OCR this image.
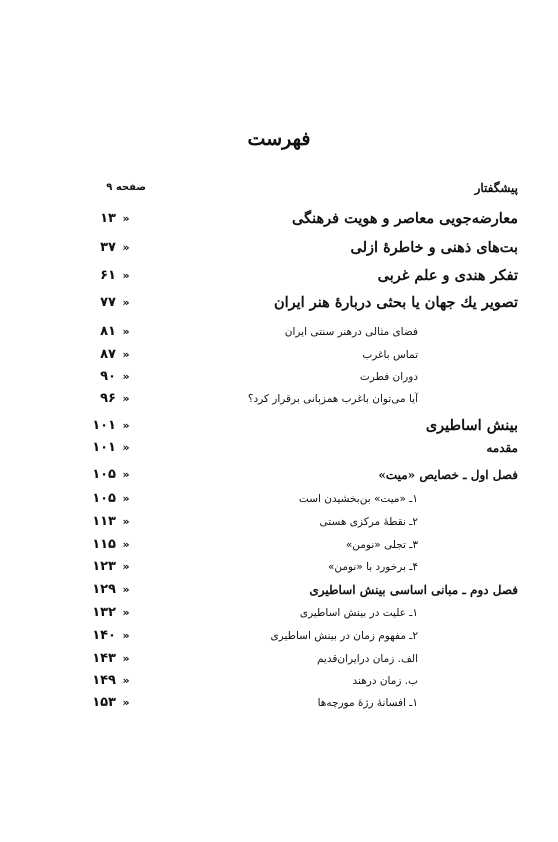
فهرست
پیشگفتار
صفحه ۹
معارضه‌جویی معاصر و هویت فرهنگی
»
۱۳
بت‌های ذهنی و خاطرهٔ ازلی
»
۳۷
تفکر هندی و علم غربی
»
۶۱
تصویر یك جهان یا بحثی دربارهٔ هنر ایران
»
۷۷
فضای مثالی درهنر سنتی ایران
»
۸۱
تماس باغرب
»
۸۷
دوران فطرت
»
۹۰
آیا می‌توان باغرب همزبانی برقرار کرد؟
»
۹۶
بینش اساطیری
»
۱۰۱
مقدمه
»
۱۰۱
فصل اول ـ خصایص «میت»
»
۱۰۵
۱ـ «میت» بن‌بخشیدن است
»
۱۰۵
۲ـ نقطهٔ مرکزی هستی
»
۱۱۳
۳ـ تجلی «نومن»
»
۱۱۵
۴ـ برخورد با «نومن»
»
۱۲۳
فصل دوم ـ مبانی اساسی بینش اساطیری
»
۱۲۹
۱ـ علیت در بینش اساطیری
»
۱۳۲
۲ـ مفهوم زمان در بینش اساطیری
»
۱۴۰
الف. زمان درایران‌قدیم
»
۱۴۳
ب. زمان درهند
»
۱۴۹
۱ـ افسانهٔ رژهٔ مورچه‌ها
»
۱۵۳
